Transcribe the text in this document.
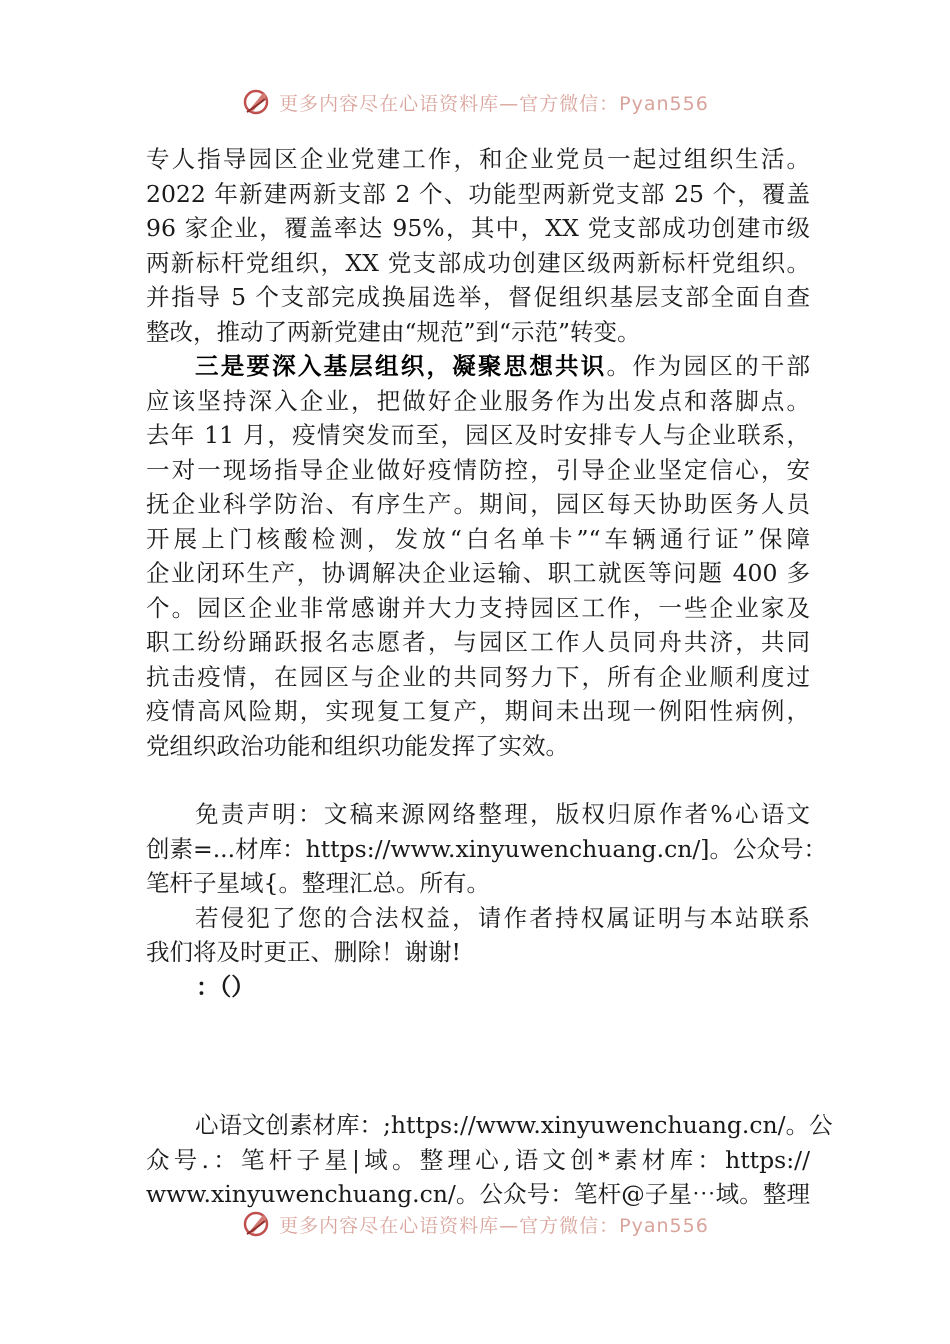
更多内容尽在心语资料库—官方微信：Pyan556
专人指导园区企业党建工作，和企业党员一起过组织生活。
2022 年新建两新支部 2 个、功能型两新党支部 25 个，覆盖
96 家企业，覆盖率达 95%，其中，XX 党支部成功创建市级
两新标杆党组织，XX 党支部成功创建区级两新标杆党组织。
并指导 5 个支部完成换届选举，督促组织基层支部全面自查
整改，推动了两新党建由“规范”到“示范”转变。
三是要深入基层组织，凝聚思想共识。作为园区的干部
应该坚持深入企业，把做好企业服务作为出发点和落脚点。
去年 11 月，疫情突发而至，园区及时安排专人与企业联系，
一对一现场指导企业做好疫情防控，引导企业坚定信心，安
抚企业科学防治、有序生产。期间，园区每天协助医务人员
开展上门核酸检测，发放“白名单卡”“车辆通行证”保障
企业闭环生产，协调解决企业运输、职工就医等问题 400 多
个。园区企业非常感谢并大力支持园区工作，一些企业家及
职工纷纷踊跃报名志愿者，与园区工作人员同舟共济，共同
抗击疫情，在园区与企业的共同努力下，所有企业顺利度过
疫情高风险期，实现复工复产，期间未出现一例阳性病例，
党组织政治功能和组织功能发挥了实效。
免责声明：文稿来源网络整理，版权归原作者%心语文
创素=...材库：https://www.xinyuwenchuang.cn/]。公众号：
笔杆子星域{。整理汇总。所有。
若侵犯了您的合法权益，请作者持权属证明与本站联系
我们将及时更正、删除！谢谢!
：（）
心语文创素材库：;https://www.xinyuwenchuang.cn/。公
众号.：笔杆子星|域。整理心,语文创*素材库：https://
www.xinyuwenchuang.cn/。公众号：笔杆@子星⋯域。整理
更多内容尽在心语资料库—官方微信：Pyan556
